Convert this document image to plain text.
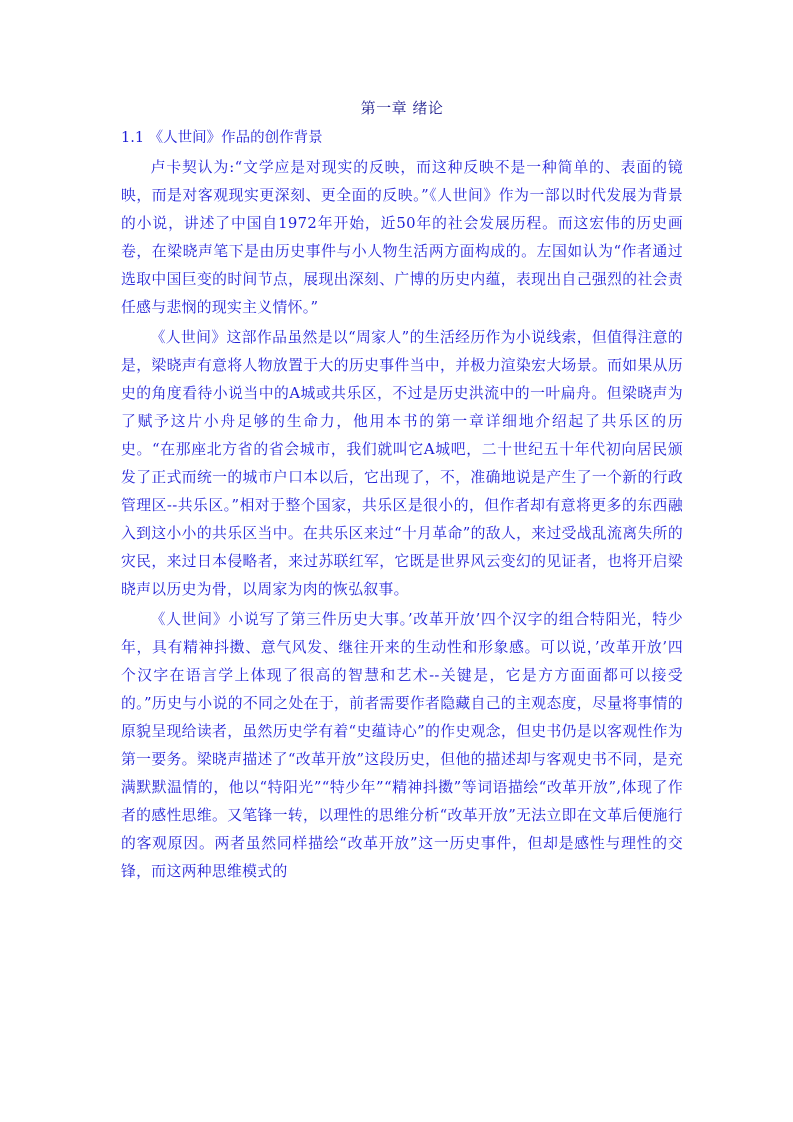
第一章 绪论
1.1 《人世间》作品的创作背景

卢卡契认为:“文学应是对现实的反映，而这种反映不是一种简单的、表面的镜映，而是对客观现实更深刻、更全面的反映。”《人世间》作为一部以时代发展为背景的小说，讲述了中国自1972年开始，近50年的社会发展历程。而这宏伟的历史画卷，在梁晓声笔下是由历史事件与小人物生活两方面构成的。左国如认为“作者通过选取中国巨变的时间节点，展现出深刻、广博的历史内蕴，表现出自己强烈的社会责任感与悲悯的现实主义情怀。”

《人世间》这部作品虽然是以“周家人”的生活经历作为小说线索，但值得注意的是，梁晓声有意将人物放置于大的历史事件当中，并极力渲染宏大场景。而如果从历史的角度看待小说当中的A城或共乐区，不过是历史洪流中的一叶扁舟。但梁晓声为了赋予这片小舟足够的生命力，他用本书的第一章详细地介绍起了共乐区的历史。“在那座北方省的省会城市，我们就叫它A城吧，二十世纪五十年代初向居民颁发了正式而统一的城市户口本以后，它出现了，不，准确地说是产生了一个新的行政管理区--共乐区。”相对于整个国家，共乐区是很小的，但作者却有意将更多的东西融入到这小小的共乐区当中。在共乐区来过“十月革命”的敌人，来过受战乱流离失所的灾民，来过日本侵略者，来过苏联红军，它既是世界风云变幻的见证者，也将开启梁晓声以历史为骨，以周家为肉的恢弘叙事。

《人世间》小说写了第三件历史大事。’改革开放’四个汉字的组合特阳光，特少年，具有精神抖擞、意气风发、继往开来的生动性和形象感。可以说，’改革开放’四个汉字在语言学上体现了很高的智慧和艺术--关键是，它是方方面面都可以接受的。”历史与小说的不同之处在于，前者需要作者隐藏自己的主观态度，尽量将事情的原貌呈现给读者，虽然历史学有着“史蕴诗心”的作史观念，但史书仍是以客观性作为第一要务。梁晓声描述了“改革开放”这段历史，但他的描述却与客观史书不同，是充满默默温情的，他以“特阳光”“特少年”“精神抖擞”等词语描绘“改革开放”,体现了作者的感性思维。又笔锋一转，以理性的思维分析“改革开放”无法立即在文革后便施行的客观原因。两者虽然同样描绘“改革开放”这一历史事件，但却是感性与理性的交锋，而这两种思维模式的
